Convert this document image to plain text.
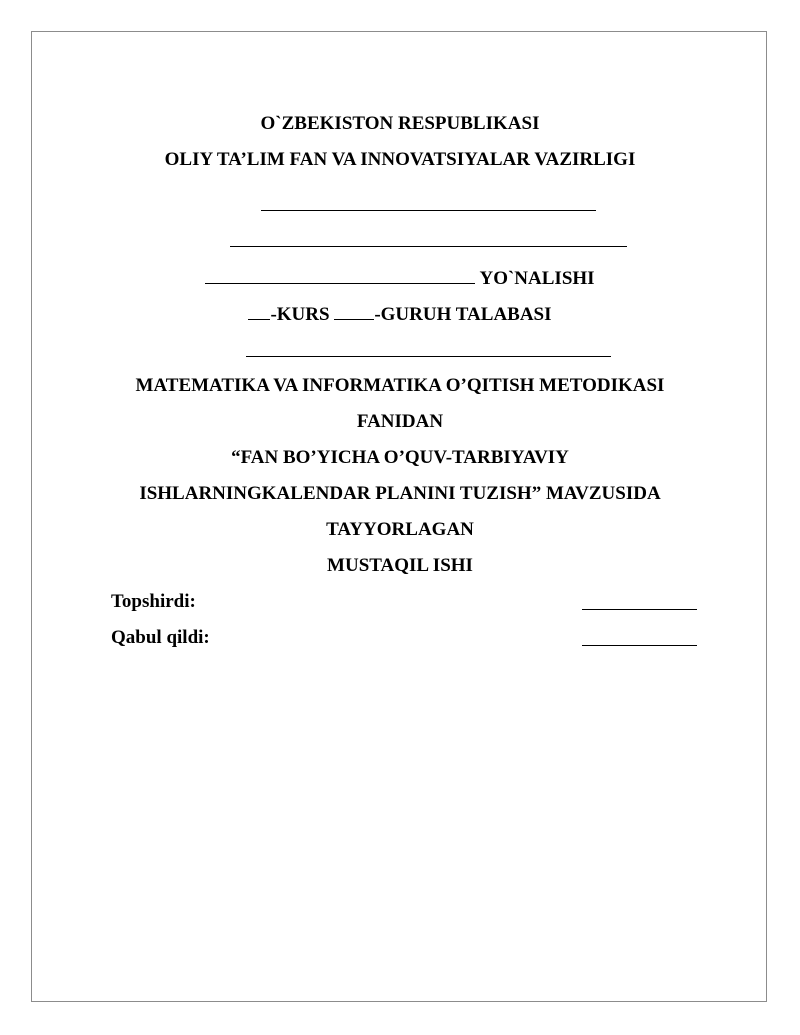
O`ZBEKISTON RESPUBLIKASI
OLIY TA’LIM FAN VA INNOVATSIYALAR VAZIRLIGI
YO`NALISHI
-KURS -GURUH TALABASI
MATEMATIKA VA INFORMATIKA O’QITISH METODIKASI
FANIDAN
“FAN BO’YICHA O’QUV-TARBIYAVIY
ISHLARNINGKALENDAR PLANINI TUZISH” MAVZUSIDA
TAYYORLAGAN
MUSTAQIL ISHI
Topshirdi:
Qabul qildi:
